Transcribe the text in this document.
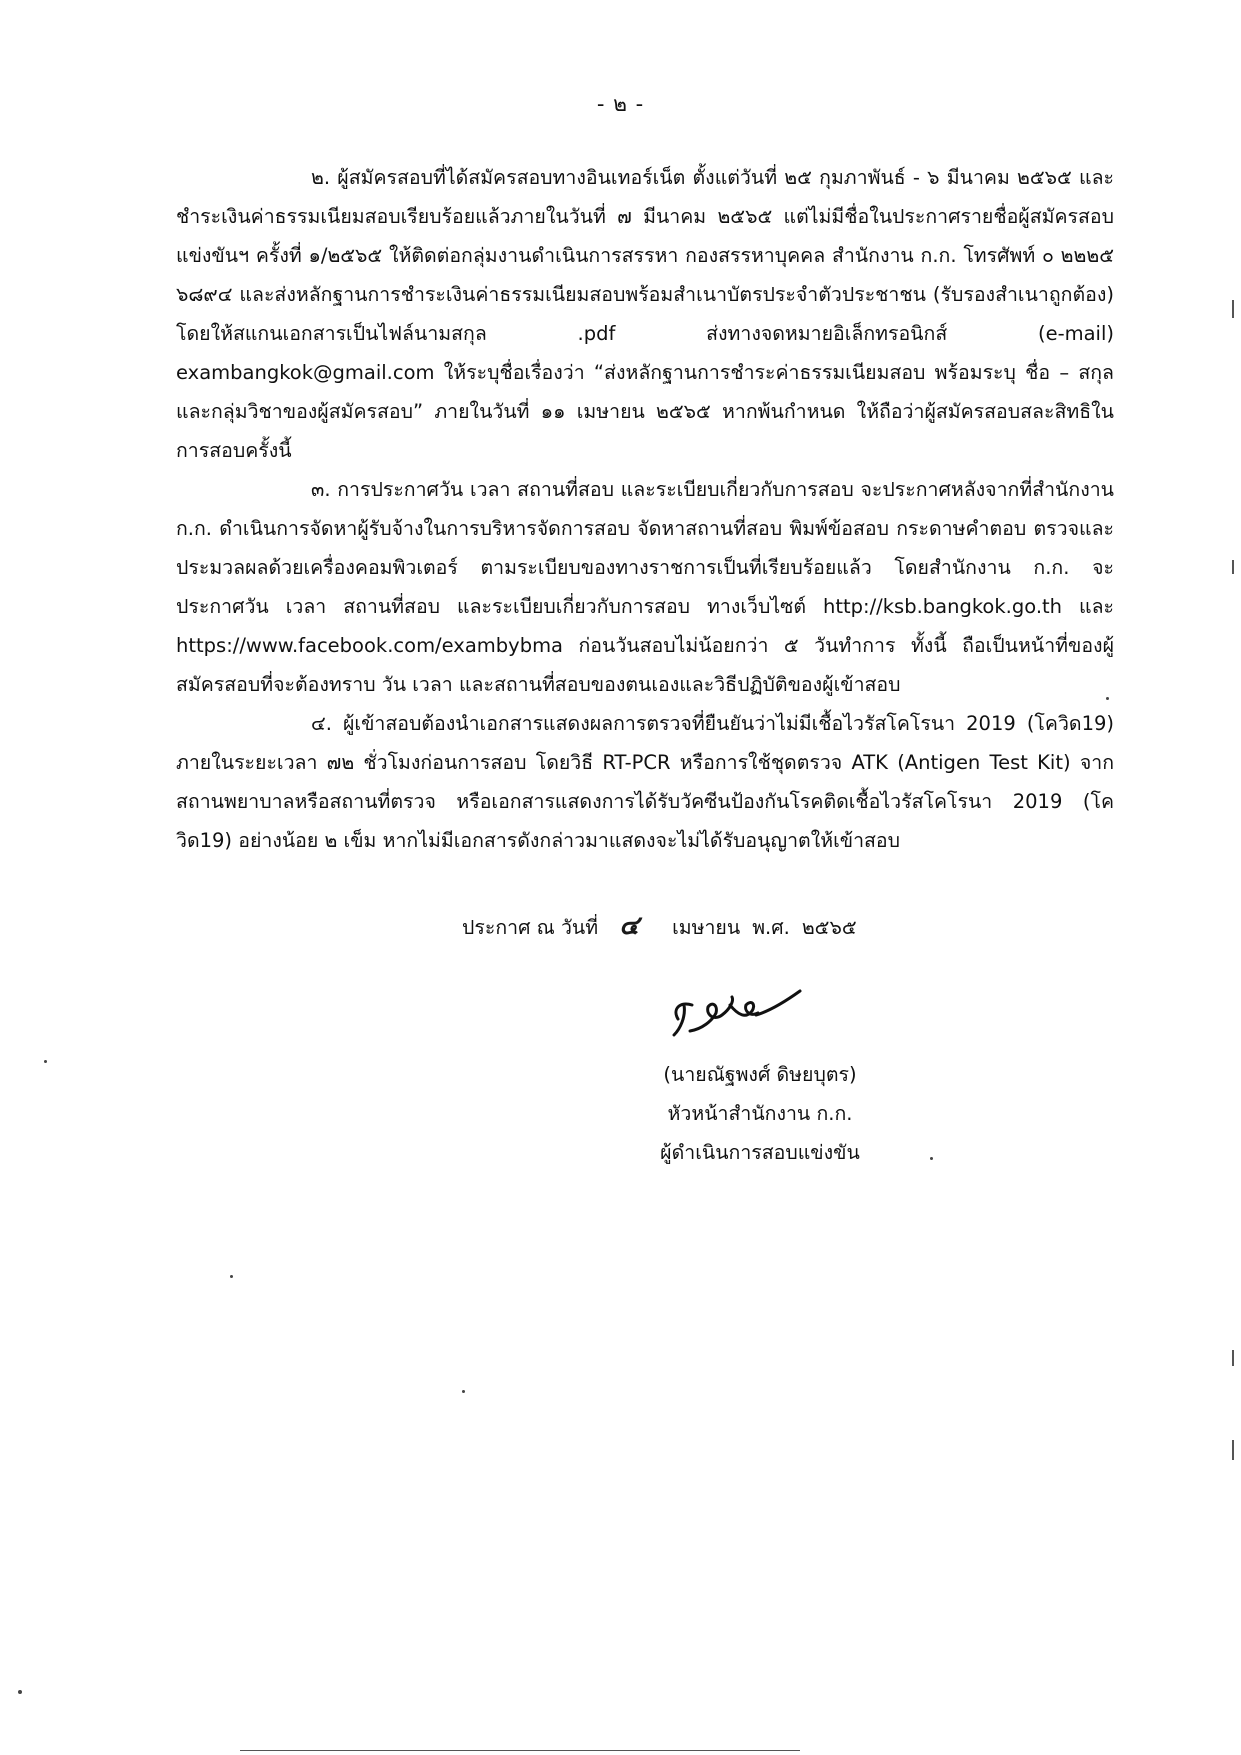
- ๒ -

๒. ผู้สมัครสอบที่ได้สมัครสอบทางอินเทอร์เน็ต ตั้งแต่วันที่ ๒๕ กุมภาพันธ์ - ๖ มีนาคม ๒๕๖๕ และชำระเงินค่าธรรมเนียมสอบเรียบร้อยแล้วภายในวันที่ ๗ มีนาคม ๒๕๖๕ แต่ไม่มีชื่อในประกาศรายชื่อผู้สมัครสอบแข่งขันฯ ครั้งที่ ๑/๒๕๖๕ ให้ติดต่อกลุ่มงานดำเนินการสรรหา กองสรรหาบุคคล สำนักงาน ก.ก. โทรศัพท์ ๐ ๒๒๒๕ ๖๘๙๔ และส่งหลักฐานการชำระเงินค่าธรรมเนียมสอบพร้อมสำเนาบัตรประจำตัวประชาชน (รับรองสำเนาถูกต้อง) โดยให้สแกนเอกสารเป็นไฟล์นามสกุล .pdf ส่งทางจดหมายอิเล็กทรอนิกส์ (e-mail) exambangkok@gmail.com ให้ระบุชื่อเรื่องว่า “ส่งหลักฐานการชำระค่าธรรมเนียมสอบ พร้อมระบุ ชื่อ – สกุล และกลุ่มวิชาของผู้สมัครสอบ” ภายในวันที่ ๑๑ เมษายน ๒๕๖๕ หากพ้นกำหนด ให้ถือว่าผู้สมัครสอบสละสิทธิในการสอบครั้งนี้

๓. การประกาศวัน เวลา สถานที่สอบ และระเบียบเกี่ยวกับการสอบ จะประกาศหลังจากที่สำนักงาน ก.ก. ดำเนินการจัดหาผู้รับจ้างในการบริหารจัดการสอบ จัดหาสถานที่สอบ พิมพ์ข้อสอบ กระดาษคำตอบ ตรวจและประมวลผลด้วยเครื่องคอมพิวเตอร์ ตามระเบียบของทางราชการเป็นที่เรียบร้อยแล้ว โดยสำนักงาน ก.ก. จะประกาศวัน เวลา สถานที่สอบ และระเบียบเกี่ยวกับการสอบ ทางเว็บไซต์ http://ksb.bangkok.go.th และ https://www.facebook.com/exambybma ก่อนวันสอบไม่น้อยกว่า ๕ วันทำการ ทั้งนี้ ถือเป็นหน้าที่ของผู้สมัครสอบที่จะต้องทราบ วัน เวลา และสถานที่สอบของตนเองและวิธีปฏิบัติของผู้เข้าสอบ

๔. ผู้เข้าสอบต้องนำเอกสารแสดงผลการตรวจที่ยืนยันว่าไม่มีเชื้อไวรัสโคโรนา 2019 (โควิด19) ภายในระยะเวลา ๗๒ ชั่วโมงก่อนการสอบ โดยวิธี RT-PCR หรือการใช้ชุดตรวจ ATK (Antigen Test Kit) จากสถานพยาบาลหรือสถานที่ตรวจ หรือเอกสารแสดงการได้รับวัคซีนป้องกันโรคติดเชื้อไวรัสโคโรนา 2019 (โควิด19) อย่างน้อย ๒ เข็ม หากไม่มีเอกสารดังกล่าวมาแสดงจะไม่ได้รับอนุญาตให้เข้าสอบ

ประกาศ ณ วันที่ ๔ เมษายน พ.ศ. ๒๕๖๕
(นายณัฐพงศ์ ดิษยบุตร)
หัวหน้าสำนักงาน ก.ก.
ผู้ดำเนินการสอบแข่งขัน
